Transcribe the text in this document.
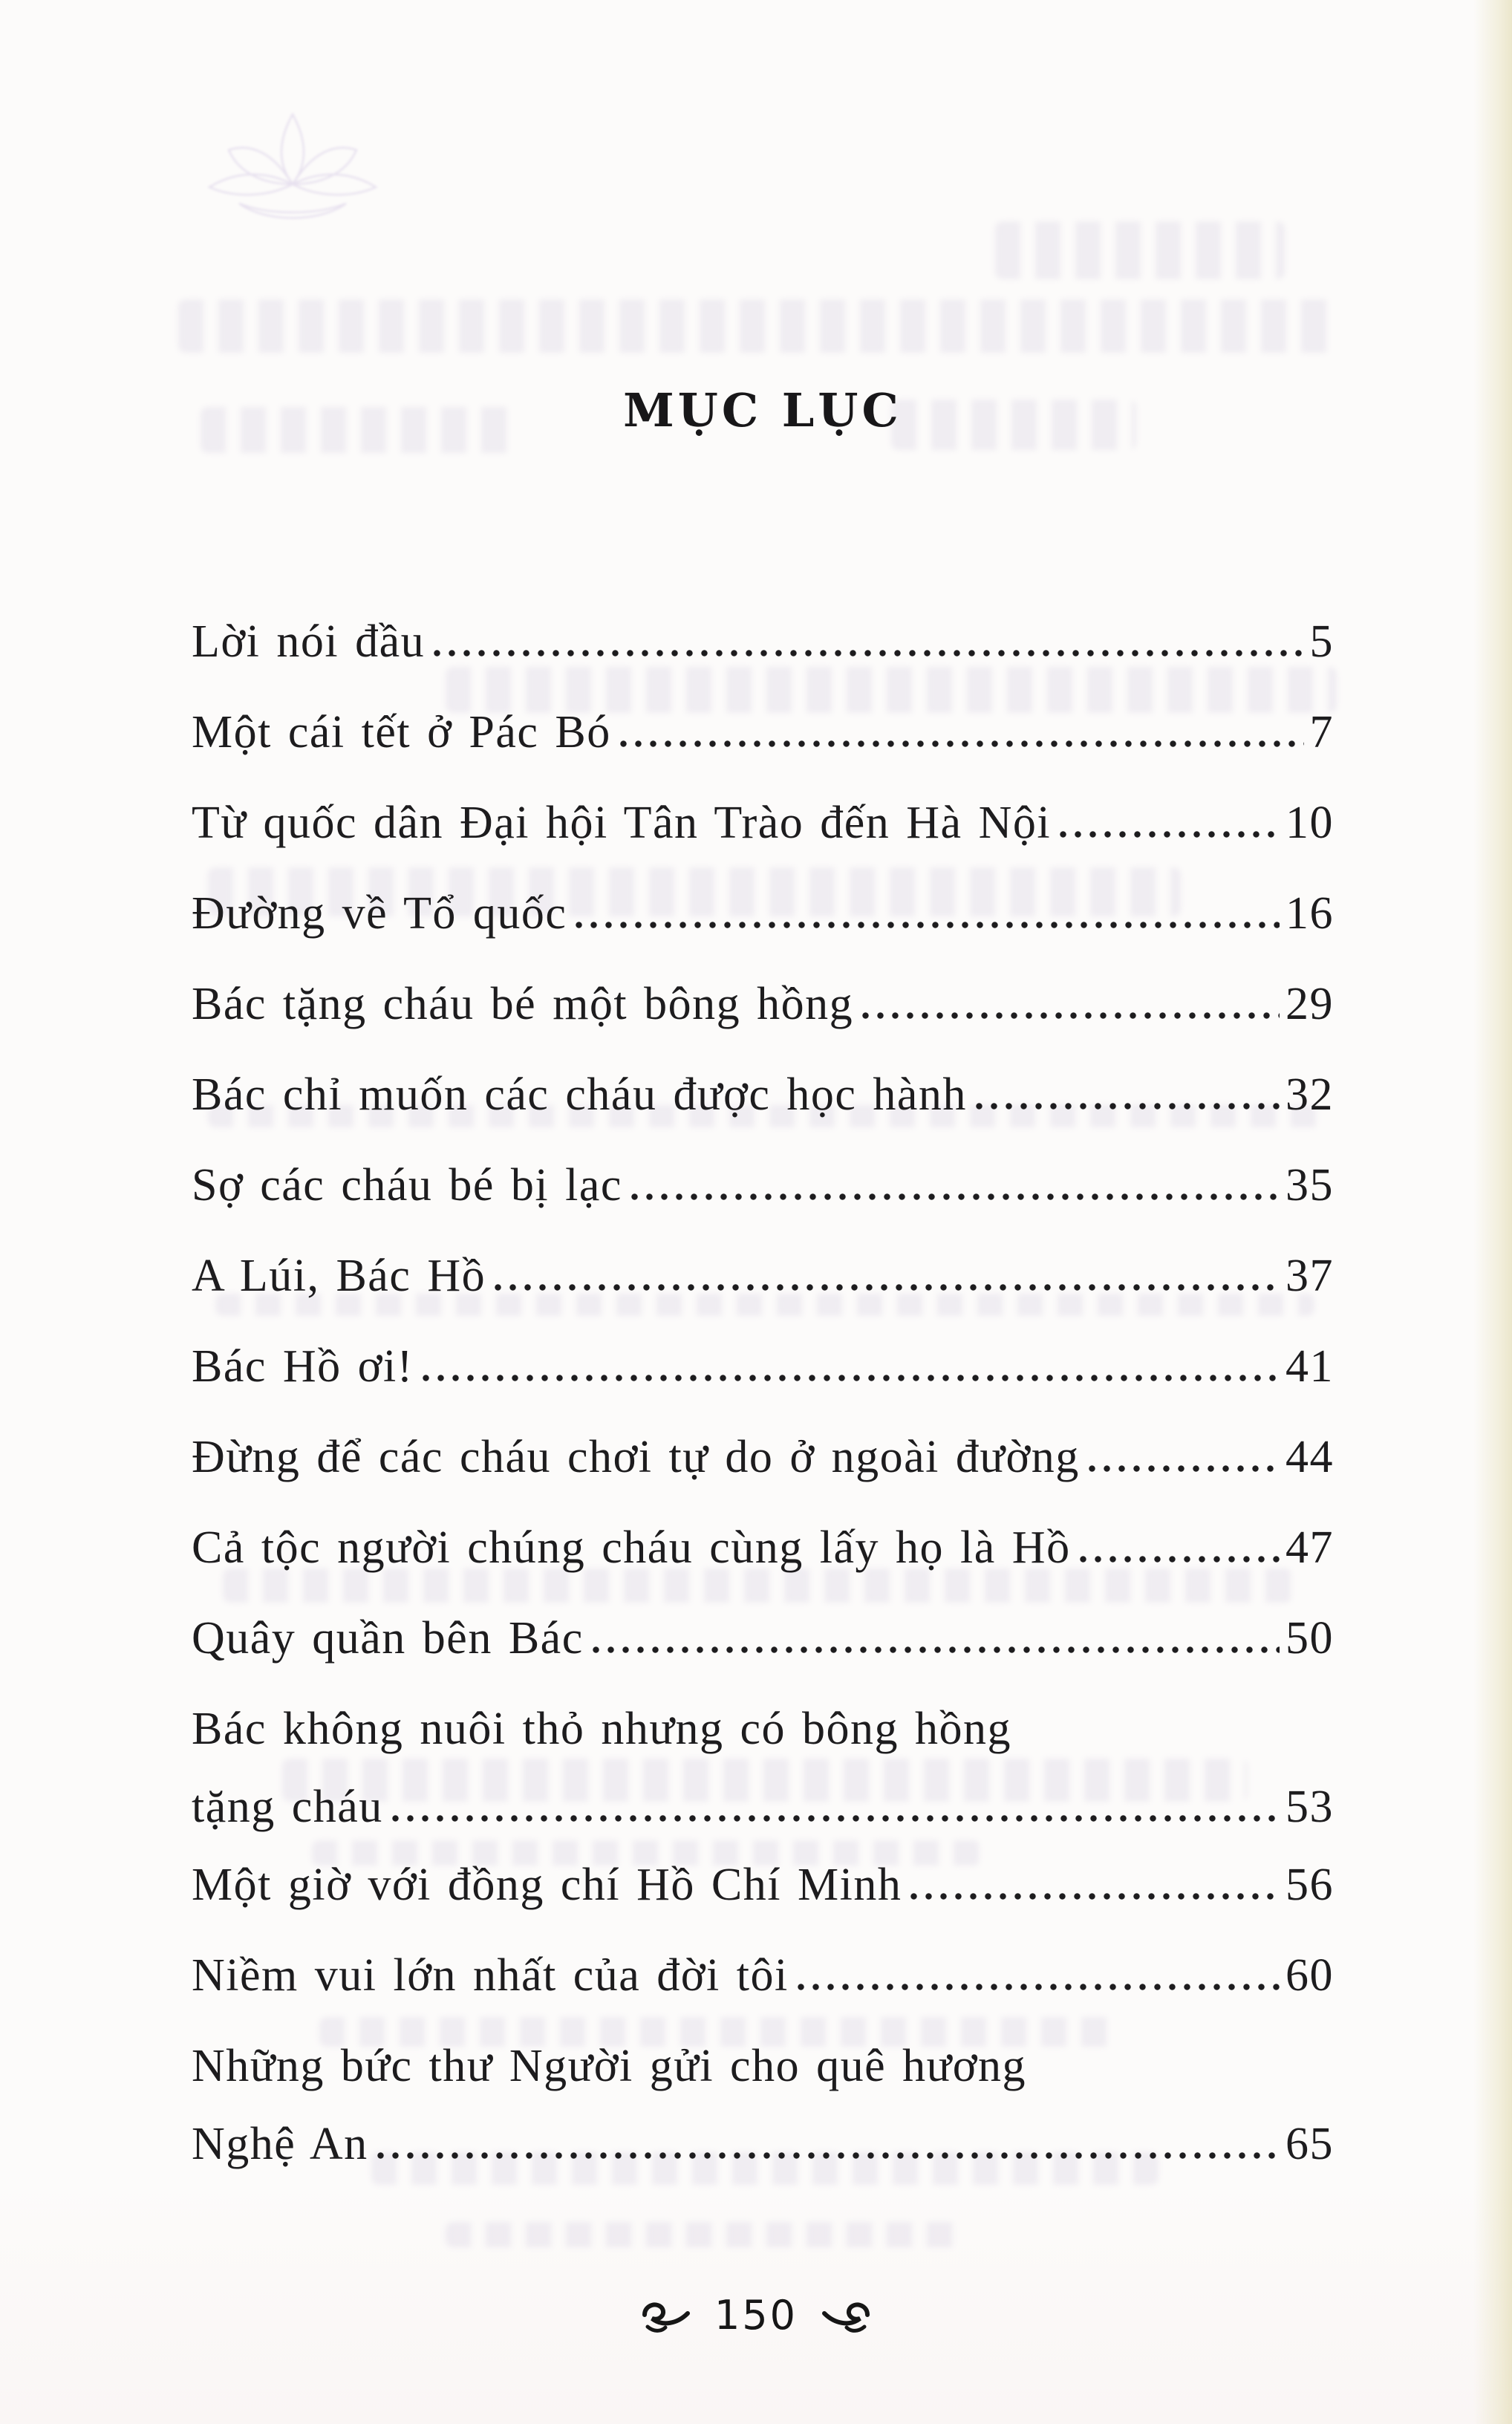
MỤC LỤC
Lời nói đầu	5
Một cái tết ở Pác Bó	7
Từ quốc dân Đại hội Tân Trào đến Hà Nội	10
Đường về Tổ quốc	16
Bác tặng cháu bé một bông hồng	29
Bác chỉ muốn các cháu được học hành	32
Sợ các cháu bé bị lạc	35
A Lúi, Bác Hồ	37
Bác Hồ ơi!	41
Đừng để các cháu chơi tự do ở ngoài đường	44
Cả tộc người chúng cháu cùng lấy họ là Hồ	47
Quây quần bên Bác	50
Bác không nuôi thỏ nhưng có bông hồng
tặng cháu	53
Một giờ với đồng chí Hồ Chí Minh	56
Niềm vui lớn nhất của đời tôi	60
Những bức thư Người gửi cho quê hương
Nghệ An	65
150
